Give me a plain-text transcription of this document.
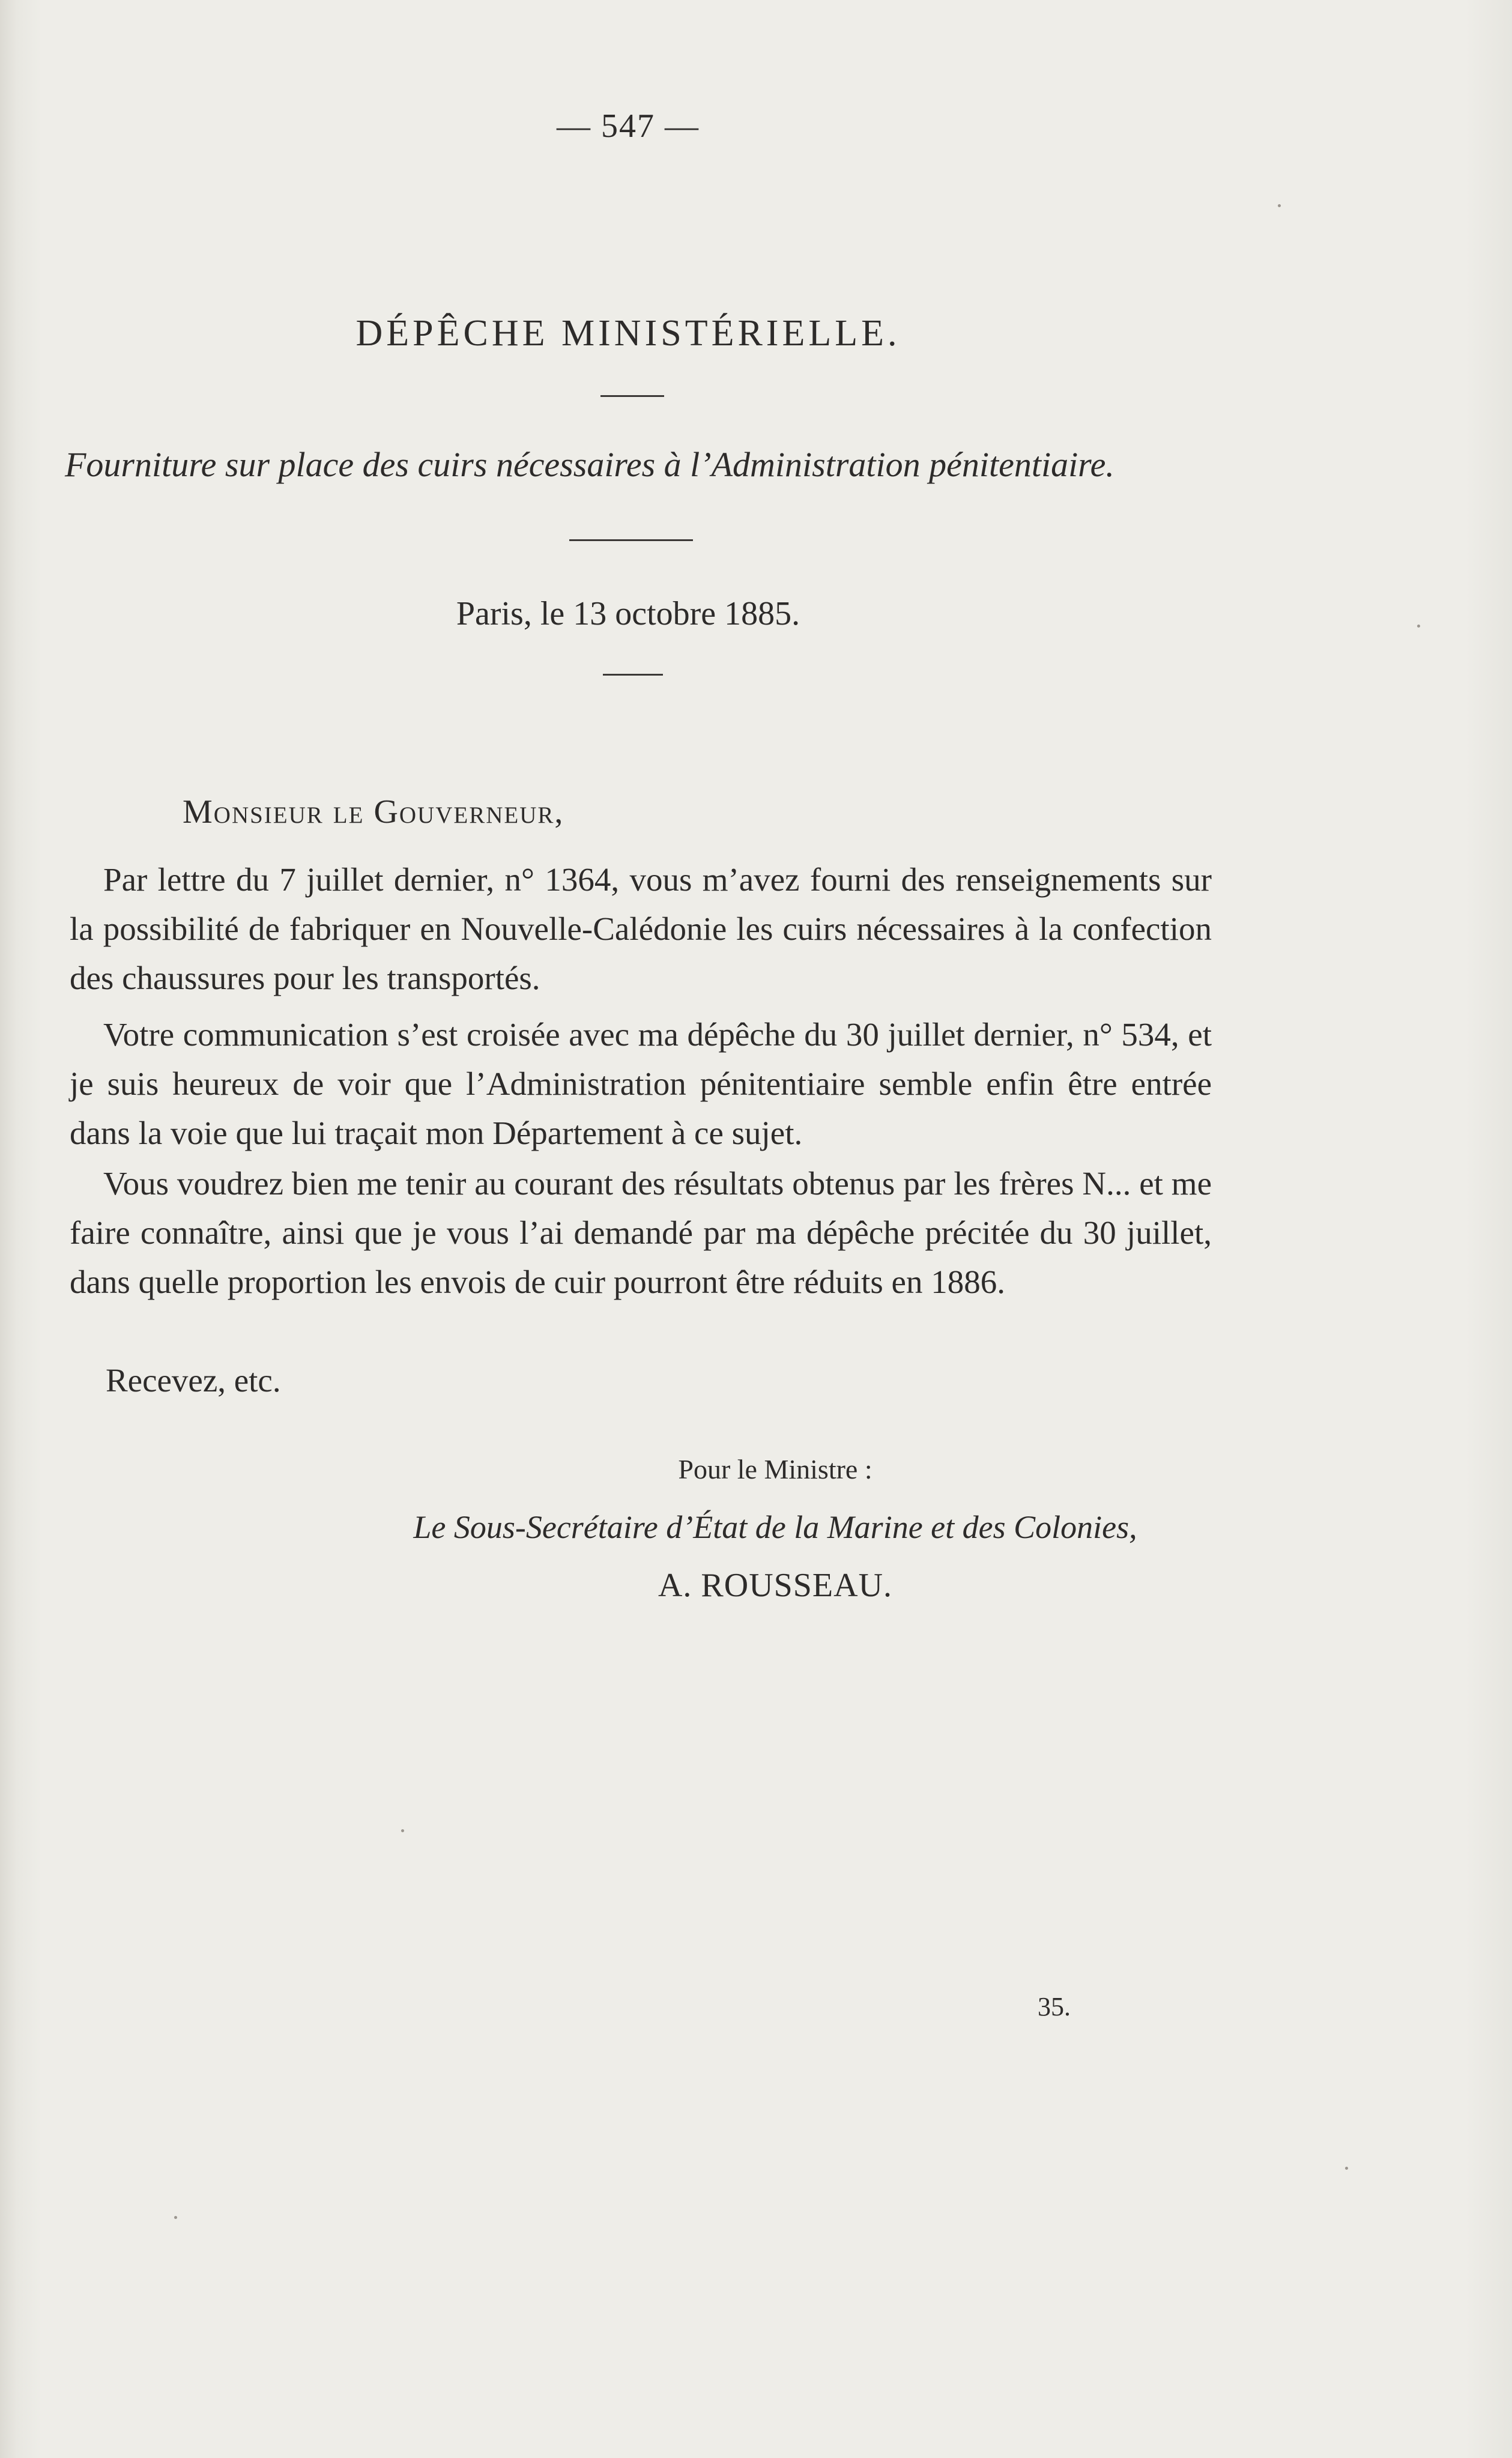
— 547 —
DÉPÊCHE MINISTÉRIELLE.
Fourniture sur place des cuirs nécessaires à l’Administration pénitentiaire.
Paris, le 13 octobre 1885.
Monsieur le Gouverneur,

Par lettre du 7 juillet dernier, n° 1364, vous m’avez fourni des renseignements sur la possibilité de fabriquer en Nouvelle-Calédonie les cuirs nécessaires à la confection des chaussures pour les transportés.

Votre communication s’est croisée avec ma dépêche du 30 juillet dernier, n° 534, et je suis heureux de voir que l’Administration pénitentiaire semble enfin être entrée dans la voie que lui traçait mon Département à ce sujet.

Vous voudrez bien me tenir au courant des résultats obtenus par les frères N... et me faire connaître, ainsi que je vous l’ai demandé par ma dépêche précitée du 30 juillet, dans quelle proportion les envois de cuir pourront être réduits en 1886.

Recevez, etc.

Pour le Ministre :
Le Sous-Secrétaire d’État de la Marine et des Colonies,
A. ROUSSEAU.
35.
